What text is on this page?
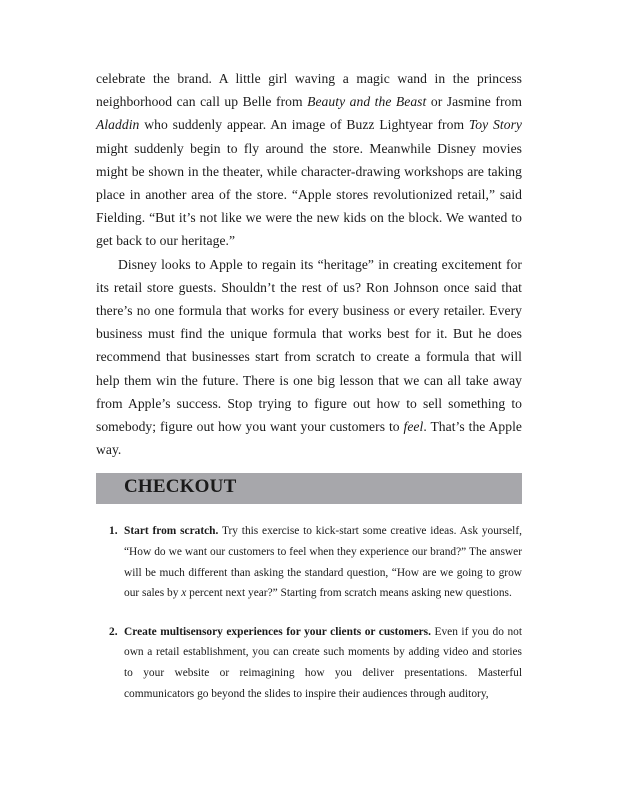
celebrate the brand. A little girl waving a magic wand in the princess neighborhood can call up Belle from Beauty and the Beast or Jasmine from Aladdin who suddenly appear. An image of Buzz Lightyear from Toy Story might suddenly begin to fly around the store. Meanwhile Disney movies might be shown in the theater, while character-drawing workshops are taking place in another area of the store. “Apple stores revolutionized retail,” said Fielding. “But it’s not like we were the new kids on the block. We wanted to get back to our heritage.”

Disney looks to Apple to regain its “heritage” in creating excitement for its retail store guests. Shouldn’t the rest of us? Ron Johnson once said that there’s no one formula that works for every business or every retailer. Every business must find the unique formula that works best for it. But he does recommend that businesses start from scratch to create a formula that will help them win the future. There is one big lesson that we can all take away from Apple’s success. Stop trying to figure out how to sell something to somebody; figure out how you want your customers to feel. That’s the Apple way.

CHECKOUT
1. Start from scratch. Try this exercise to kick-start some creative ideas. Ask yourself, “How do we want our customers to feel when they experience our brand?” The answer will be much different than asking the standard question, “How are we going to grow our sales by x percent next year?” Starting from scratch means asking new questions.
2. Create multisensory experiences for your clients or customers. Even if you do not own a retail establishment, you can create such moments by adding video and stories to your website or reimagining how you deliver presentations. Masterful communicators go beyond the slides to inspire their audiences through auditory,
